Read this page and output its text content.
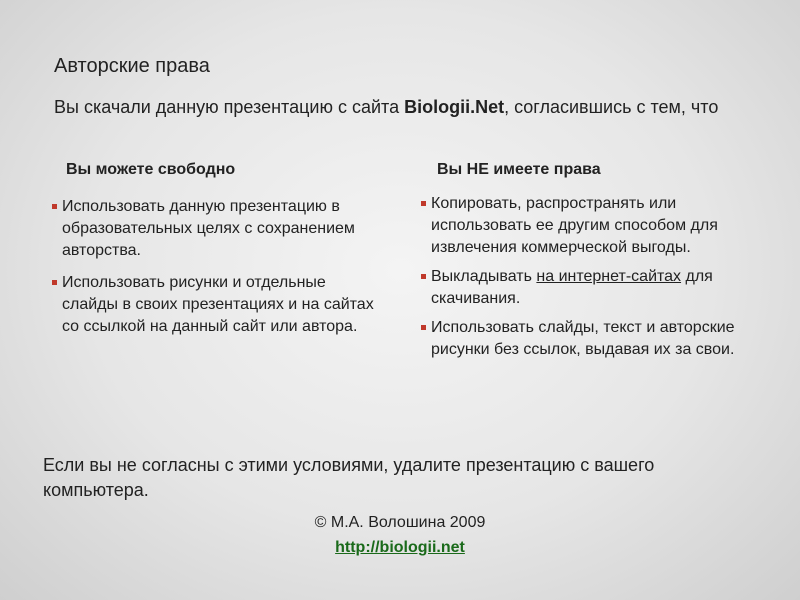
Авторские права
Вы скачали данную презентацию с сайта Biologii.Net, согласившись с тем, что
Вы можете свободно
Использовать данную презентацию в образовательных целях с сохранением авторства.
Использовать рисунки и отдельные слайды в своих презентациях и на сайтах со ссылкой на данный сайт или автора.
Вы НЕ имеете права
Копировать, распространять или использовать ее другим способом для извлечения коммерческой выгоды.
Выкладывать на интернет-сайтах для скачивания.
Использовать слайды, текст и авторские рисунки без ссылок, выдавая их за свои.
Если вы не согласны с этими условиями, удалите презентацию с вашего компьютера.
© М.А. Волошина 2009
http://biologii.net
